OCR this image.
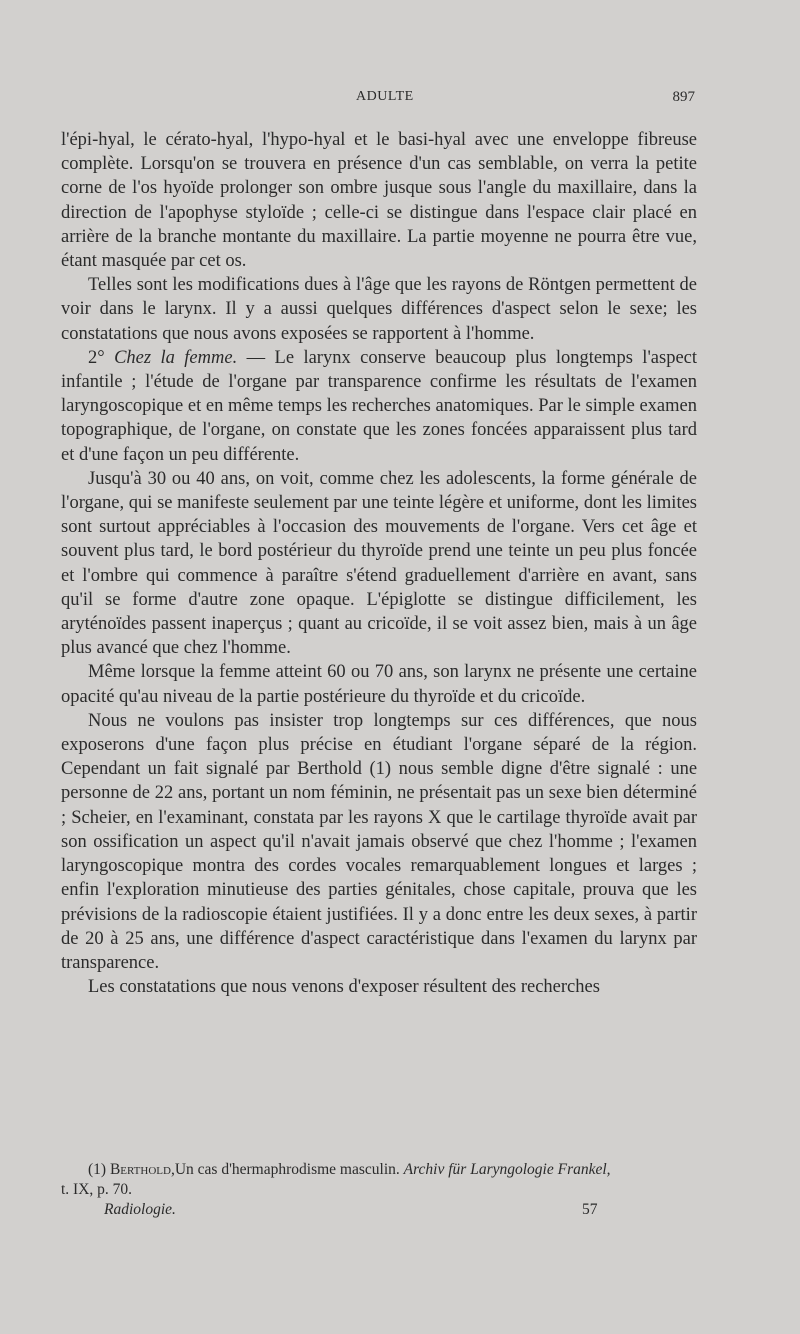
ADULTE	897

l'épi-hyal, le cérato-hyal, l'hypo-hyal et le basi-hyal avec une enveloppe fibreuse complète. Lorsqu'on se trouvera en présence d'un cas semblable, on verra la petite corne de l'os hyoïde prolonger son ombre jusque sous l'angle du maxillaire, dans la direction de l'apophyse styloïde ; celle-ci se distingue dans l'espace clair placé en arrière de la branche montante du maxillaire. La partie moyenne ne pourra être vue, étant masquée par cet os.

Telles sont les modifications dues à l'âge que les rayons de Röntgen permettent de voir dans le larynx. Il y a aussi quelques différences d'aspect selon le sexe; les constatations que nous avons exposées se rapportent à l'homme.

2° Chez la femme. — Le larynx conserve beaucoup plus longtemps l'aspect infantile ; l'étude de l'organe par transparence confirme les résultats de l'examen laryngoscopique et en même temps les recherches anatomiques. Par le simple examen topographique, de l'organe, on constate que les zones foncées apparaissent plus tard et d'une façon un peu différente.

Jusqu'à 30 ou 40 ans, on voit, comme chez les adolescents, la forme générale de l'organe, qui se manifeste seulement par une teinte légère et uniforme, dont les limites sont surtout appréciables à l'occasion des mouvements de l'organe. Vers cet âge et souvent plus tard, le bord postérieur du thyroïde prend une teinte un peu plus foncée et l'ombre qui commence à paraître s'étend graduellement d'arrière en avant, sans qu'il se forme d'autre zone opaque. L'épiglotte se distingue difficilement, les aryténoïdes passent inaperçus ; quant au cricoïde, il se voit assez bien, mais à un âge plus avancé que chez l'homme.

Même lorsque la femme atteint 60 ou 70 ans, son larynx ne présente une certaine opacité qu'au niveau de la partie postérieure du thyroïde et du cricoïde.

Nous ne voulons pas insister trop longtemps sur ces différences, que nous exposerons d'une façon plus précise en étudiant l'organe séparé de la région. Cependant un fait signalé par Berthold (1) nous semble digne d'être signalé : une personne de 22 ans, portant un nom féminin, ne présentait pas un sexe bien déterminé ; Scheier, en l'examinant, constata par les rayons X que le cartilage thyroïde avait par son ossification un aspect qu'il n'avait jamais observé que chez l'homme ; l'examen laryngoscopique montra des cordes vocales remarquablement longues et larges ; enfin l'exploration minutieuse des parties génitales, chose capitale, prouva que les prévisions de la radioscopie étaient justifiées. Il y a donc entre les deux sexes, à partir de 20 à 25 ans, une différence d'aspect caractéristique dans l'examen du larynx par transparence.

Les constatations que nous venons d'exposer résultent des recherches

(1) Berthold,Un cas d'hermaphrodisme masculin. Archiv für Laryngologie Frankel,
t. IX, p. 70.
Radiologie.	57
